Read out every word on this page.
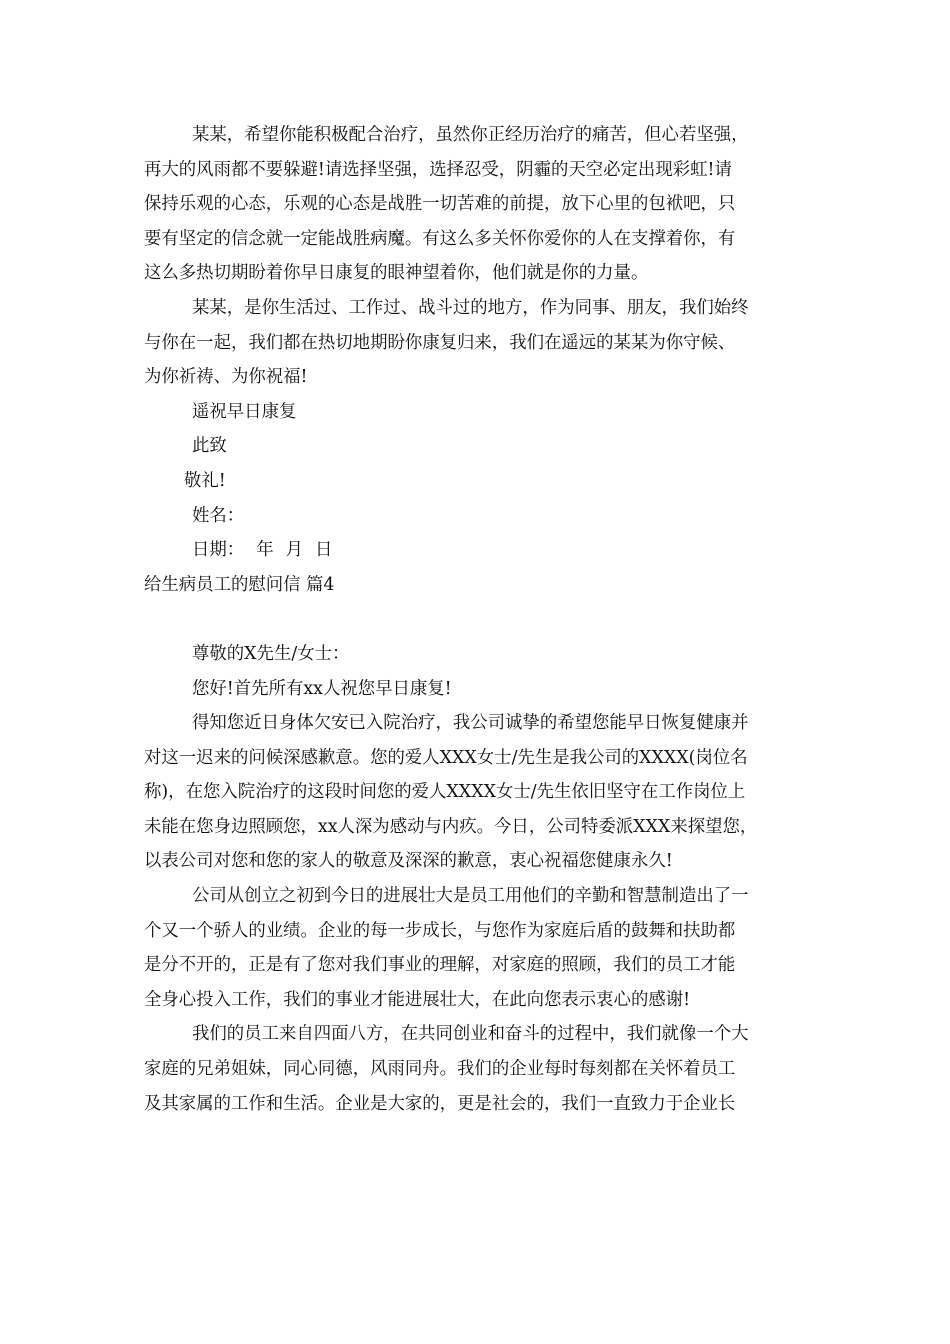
某某，希望你能积极配合治疗，虽然你正经历治疗的痛苦，但心若坚强，

再大的风雨都不要躲避!请选择坚强，选择忍受，阴霾的天空必定出现彩虹!请

保持乐观的心态，乐观的心态是战胜一切苦难的前提，放下心里的包袱吧，只

要有坚定的信念就一定能战胜病魔。有这么多关怀你爱你的人在支撑着你，有

这么多热切期盼着你早日康复的眼神望着你，他们就是你的力量。

某某，是你生活过、工作过、战斗过的地方，作为同事、朋友，我们始终

与你在一起，我们都在热切地期盼你康复归来，我们在遥远的某某为你守候、

为你祈祷、为你祝福!

遥祝早日康复

此致

敬礼!

姓名：

日期： 年 月 日

给生病员工的慰问信 篇4

尊敬的X先生/女士：

您好!首先所有xx人祝您早日康复!

得知您近日身体欠安已入院治疗，我公司诚挚的希望您能早日恢复健康并

对这一迟来的问候深感歉意。您的爱人XXX女士/先生是我公司的XXXX(岗位名

称)，在您入院治疗的这段时间您的爱人XXXX女士/先生依旧坚守在工作岗位上

未能在您身边照顾您，xx人深为感动与内疚。今日，公司特委派XXX来探望您，

以表公司对您和您的家人的敬意及深深的歉意，衷心祝福您健康永久!

公司从创立之初到今日的进展壮大是员工用他们的辛勤和智慧制造出了一

个又一个骄人的业绩。企业的每一步成长，与您作为家庭后盾的鼓舞和扶助都

是分不开的，正是有了您对我们事业的理解，对家庭的照顾，我们的员工才能

全身心投入工作，我们的事业才能进展壮大，在此向您表示衷心的感谢!

我们的员工来自四面八方，在共同创业和奋斗的过程中，我们就像一个大

家庭的兄弟姐妹，同心同德，风雨同舟。我们的企业每时每刻都在关怀着员工

及其家属的工作和生活。企业是大家的，更是社会的，我们一直致力于企业长
